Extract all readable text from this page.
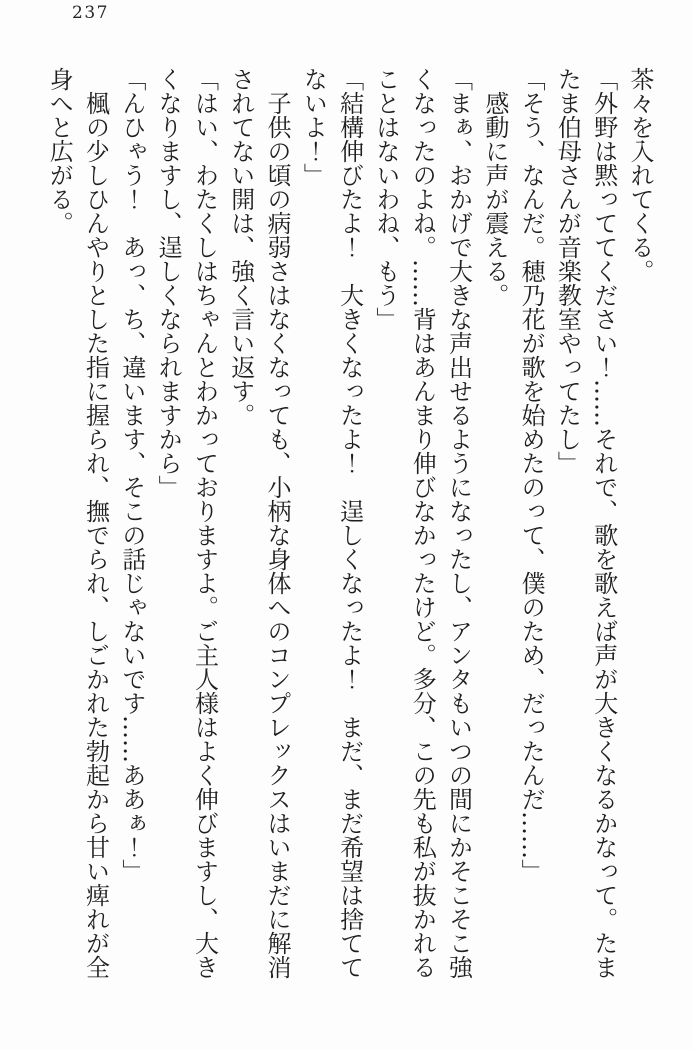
237
茶々を入れてくる。
「外野は黙っててください！……それで、歌を歌えば声が大きくなるかなって。たま
たま伯母さんが音楽教室やってたし」
「そう、なんだ。穂乃花が歌を始めたのって、僕のため、だったんだ……」
感動に声が震える。
「まぁ、おかげで大きな声出せるようになったし、アンタもいつの間にかそこそこ強
くなったのよね。……背はあんまり伸びなかったけど。多分、この先も私が抜かれる
ことはないわね、もう」
「結構伸びたよ！　大きくなったよ！　逞しくなったよ！　まだ、まだ希望は捨てて
ないよ！」
子供の頃の病弱さはなくなっても、小柄な身体へのコンプレックスはいまだに解消
されてない開は、強く言い返す。
「はい、わたくしはちゃんとわかっておりますよ。ご主人様はよく伸びますし、大き
くなりますし、逞しくなられますから」
「んひゃう！　あっ、ち、違います、そこの話じゃないです……ああぁ！」
楓の少しひんやりとした指に握られ、撫でられ、しごかれた勃起から甘い痺れが全
身へと広がる。
